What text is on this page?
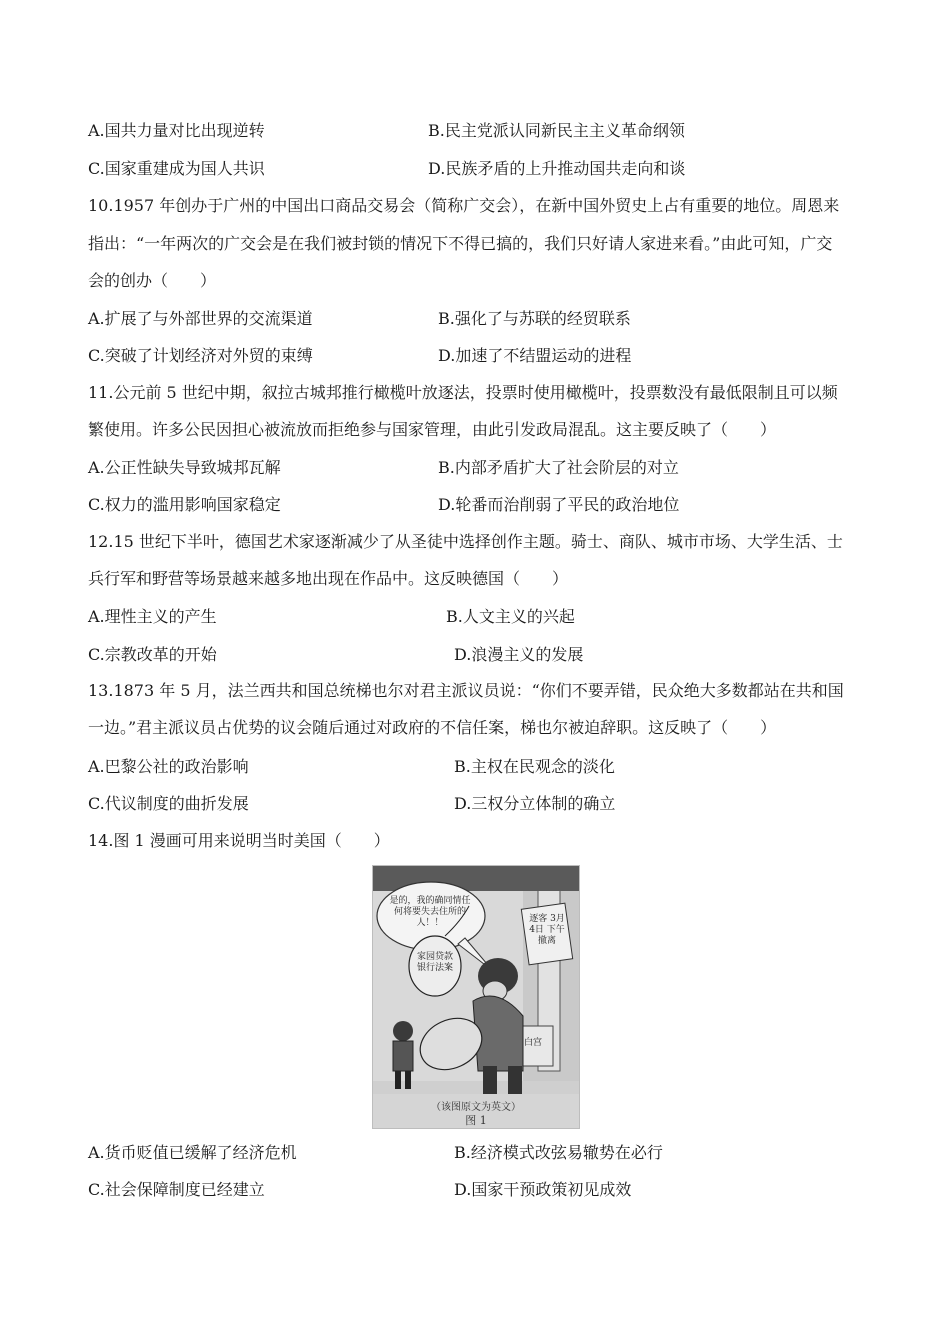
A.国共力量对比出现逆转	B.民主党派认同新民主主义革命纲领
C.国家重建成为国人共识	D.民族矛盾的上升推动国共走向和谈
10.1957 年创办于广州的中国出口商品交易会（简称广交会），在新中国外贸史上占有重要的地位。周恩来
指出：“一年两次的广交会是在我们被封锁的情况下不得已搞的，我们只好请人家进来看。”由此可知，广交
会的创办（　　）
A.扩展了与外部世界的交流渠道	B.强化了与苏联的经贸联系
C.突破了计划经济对外贸的束缚	D.加速了不结盟运动的进程
11.公元前 5 世纪中期，叙拉古城邦推行橄榄叶放逐法，投票时使用橄榄叶，投票数没有最低限制且可以频
繁使用。许多公民因担心被流放而拒绝参与国家管理，由此引发政局混乱。这主要反映了（　　）
A.公正性缺失导致城邦瓦解	B.内部矛盾扩大了社会阶层的对立
C.权力的滥用影响国家稳定	D.轮番而治削弱了平民的政治地位
12.15 世纪下半叶，德国艺术家逐渐减少了从圣徒中选择创作主题。骑士、商队、城市市场、大学生活、士
兵行军和野营等场景越来越多地出现在作品中。这反映德国（　　）
A.理性主义的产生	B.人文主义的兴起
C.宗教改革的开始	D.浪漫主义的发展
13.1873 年 5 月，法兰西共和国总统梯也尔对君主派议员说：“你们不要弄错，民众绝大多数都站在共和国
一边。”君主派议员占优势的议会随后通过对政府的不信任案，梯也尔被迫辞职。这反映了（　　）
A.巴黎公社的政治影响	B.主权在民观念的淡化
C.代议制度的曲折发展	D.三权分立体制的确立
14.图 1 漫画可用来说明当时美国（　　）
是的，我的确同情任何将要失去住所的人！！
家园贷款银行法案
逐客 3月4日 下午撤离
白宫
（该图原文为英文）
图 1
A.货币贬值已缓解了经济危机	B.经济模式改弦易辙势在必行
C.社会保障制度已经建立	D.国家干预政策初见成效
